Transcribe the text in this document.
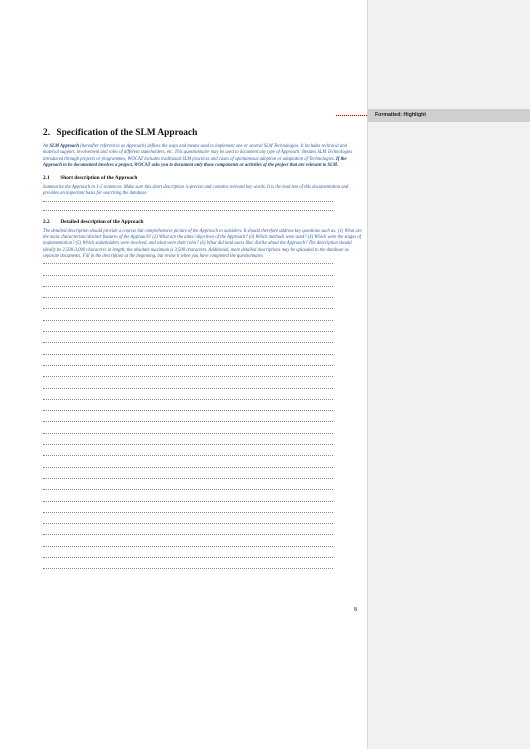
Formatted: Highlight
2. Specification of the SLM Approach

An SLM Approach (hereafter referred to as Approach) defines the ways and means used to implement one or several SLM Technologies. It includes technical and material support, involvement and roles of different stakeholders, etc. This questionnaire may be used to document any type of Approach: Besides SLM Technologies introduced through projects or programmes, WOCAT includes traditional SLM practices and cases of spontaneous adoption or adaptation of Technologies. If the Approach to be documented involves a project, WOCAT asks you to document only those components or activities of the project that are relevant to SLM.

2.1 Short description of the Approach

Summarize the Approach in 1-2 sentences. Make sure this short description is precise and contains relevant key words. It is the lead text of this documentation and provides an important basis for searching the database.

2.2 Detailed description of the Approach

The detailed description should provide a concise but comprehensive picture of the Approach to outsiders. It should therefore address key questions such as: (1) What are the main characteristic/distinct features of the Approach? (2) What are the aims/ objectives of the Approach? (3) Which methods were used? (4) Which were the stages of implementation? (5) Which stakeholders were involved, and what were their roles? (6) What did land users like/ dislike about the Approach? The description should ideally be 2,500-3,000 characters in length; the absolute maximum is 3,500 characters. Additional, more detailed descriptions may be uploaded to the database as separate documents. Fill in the description at the beginning, but revise it when you have completed the questionnaire.

8
